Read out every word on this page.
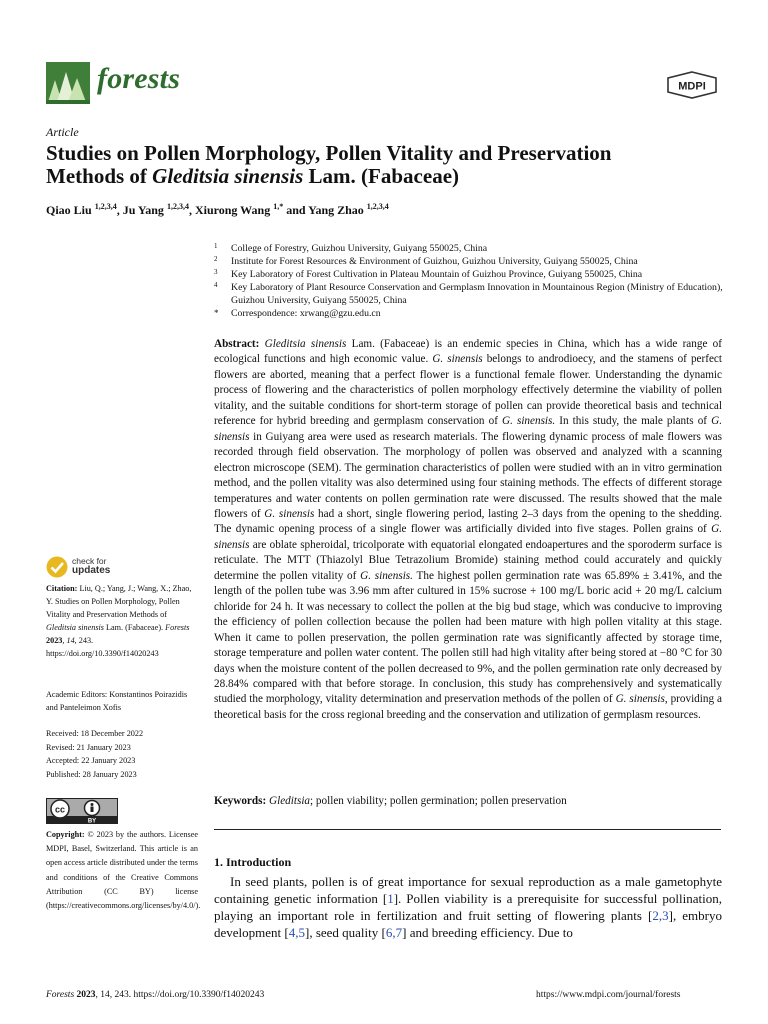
forests	MDPI
Article
Studies on Pollen Morphology, Pollen Vitality and Preservation
Methods of Gleditsia sinensis Lam. (Fabaceae)
Qiao Liu $^{1,2,3,4}$, Ju Yang $^{1,2,3,4}$, Xiurong Wang $^{1,*}$ and Yang Zhao $^{1,2,3,4}$
1 College of Forestry, Guizhou University, Guiyang 550025, China
2 Institute for Forest Resources & Environment of Guizhou, Guizhou University, Guiyang 550025, China
3 Key Laboratory of Forest Cultivation in Plateau Mountain of Guizhou Province, Guiyang 550025, China
4 Key Laboratory of Plant Resource Conservation and Germplasm Innovation in Mountainous Region (Ministry of Education), Guizhou University, Guiyang 550025, China
* Correspondence: xrwang@gzu.edu.cn
Abstract: Gleditsia sinensis Lam. (Fabaceae) is an endemic species in China, which has a wide range of ecological functions and high economic value. G. sinensis belongs to androdioecy, and the stamens of perfect flowers are aborted, meaning that a perfect flower is a functional female flower. Understanding the dynamic process of flowering and the characteristics of pollen morphology effectively determine the viability of pollen vitality, and the suitable conditions for short-term storage of pollen can provide theoretical basis and technical reference for hybrid breeding and germplasm conservation of G. sinensis. In this study, the male plants of G. sinensis in Guiyang area were used as research materials. The flowering dynamic process of male flowers was recorded through field observation. The morphology of pollen was observed and analyzed with a scanning electron microscope (SEM). The germination characteristics of pollen were studied with an in vitro germination method, and the pollen vitality was also determined using four staining methods. The effects of different storage temperatures and water contents on pollen germination rate were discussed. The results showed that the male flowers of G. sinensis had a short, single flowering period, lasting 2–3 days from the opening to the shedding. The dynamic opening process of a single flower was artificially divided into five stages. Pollen grains of G. sinensis are oblate spheroidal, tricolporate with equatorial elongated endoapertures and the sporoderm surface is reticulate. The MTT (Thiazolyl Blue Tetrazolium Bromide) staining method could accurately and quickly determine the pollen vitality of G. sinensis. The highest pollen germination rate was 65.89% ± 3.41%, and the length of the pollen tube was 3.96 mm after cultured in 15% sucrose + 100 mg/L boric acid + 20 mg/L calcium chloride for 24 h. It was necessary to collect the pollen at the big bud stage, which was conducive to improving the efficiency of pollen collection because the pollen had been mature with high pollen vitality at this stage. When it came to pollen preservation, the pollen germination rate was significantly affected by storage time, storage temperature and pollen water content. The pollen still had high vitality after being stored at −80 °C for 30 days when the moisture content of the pollen decreased to 9%, and the pollen germination rate only decreased by 28.84% compared with that before storage. In conclusion, this study has comprehensively and systematically studied the morphology, vitality determination and preservation methods of the pollen of G. sinensis, providing a theoretical basis for the cross regional breeding and the conservation and utilization of germplasm resources.
Keywords: Gleditsia; pollen viability; pollen germination; pollen preservation
1. Introduction
In seed plants, pollen is of great importance for sexual reproduction as a male gametophyte containing genetic information [1]. Pollen viability is a prerequisite for successful pollination, playing an important role in fertilization and fruit setting of flowering plants [2,3], embryo development [4,5], seed quality [6,7] and breeding efficiency. Due to
check for
updates
Citation: Liu, Q.; Yang, J.; Wang, X.; Zhao, Y. Studies on Pollen Morphology, Pollen Vitality and Preservation Methods of Gleditsia sinensis Lam. (Fabaceae). Forests 2023, 14, 243. https://doi.org/10.3390/f14020243
Academic Editors: Konstantinos Poirazidis and Panteleimon Xofis
Received: 18 December 2022
Revised: 21 January 2023
Accepted: 22 January 2023
Published: 28 January 2023
cc
BY
Copyright: © 2023 by the authors. Licensee MDPI, Basel, Switzerland. This article is an open access article distributed under the terms and conditions of the Creative Commons Attribution (CC BY) license (https://creativecommons.org/licenses/by/4.0/).
Forests 2023, 14, 243. https://doi.org/10.3390/f14020243	https://www.mdpi.com/journal/forests
